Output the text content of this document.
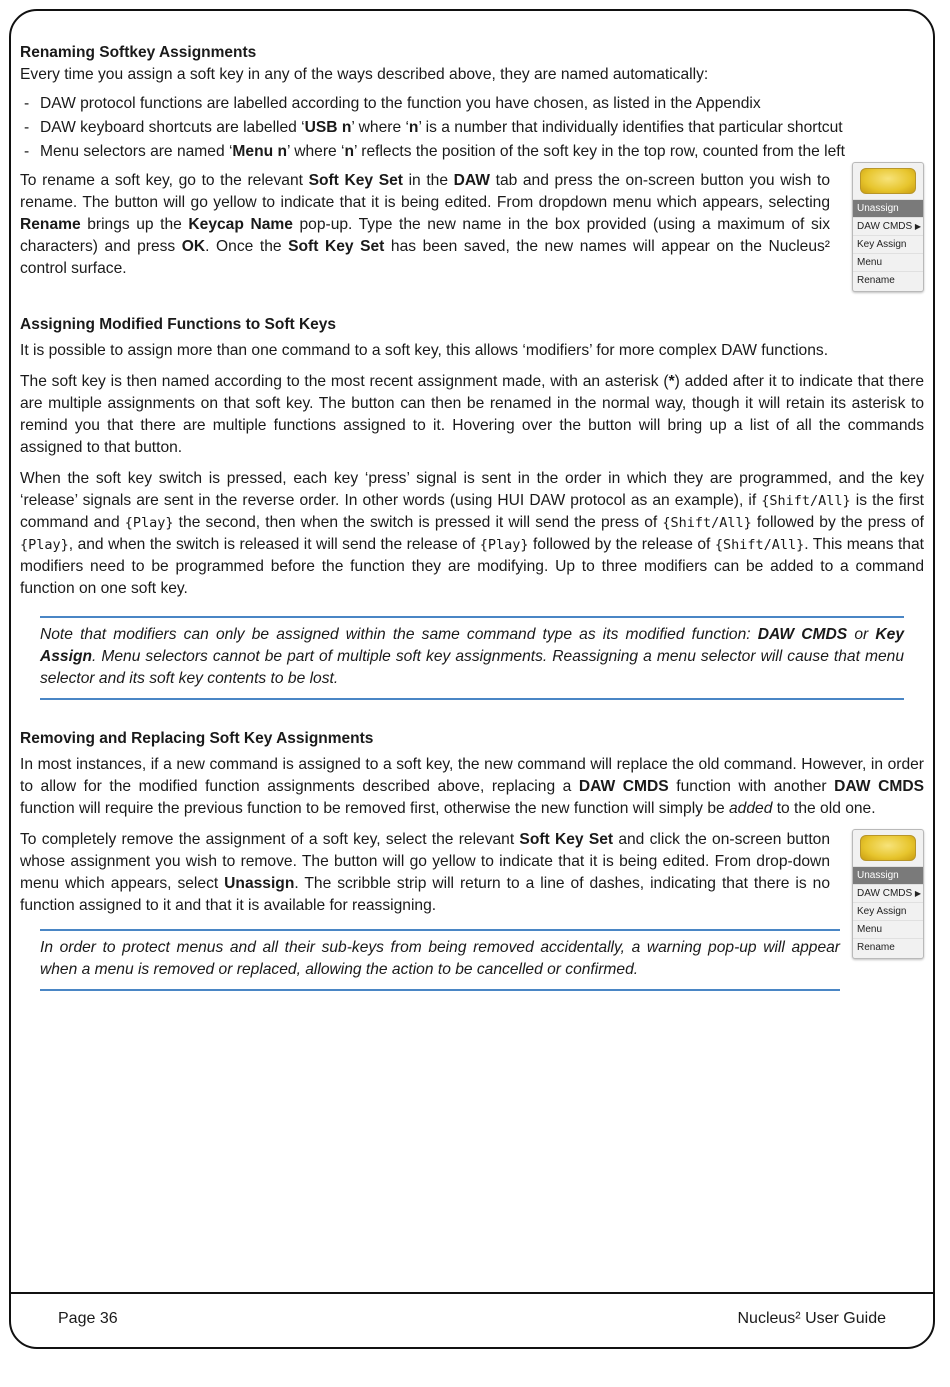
Renaming Softkey Assignments

Every time you assign a soft key in any of the ways described above, they are named automatically:

- DAW protocol functions are labelled according to the function you have chosen, as listed in the Appendix
- DAW keyboard shortcuts are labelled ‘USB n’ where ‘n’ is a number that individually identifies that particular shortcut
- Menu selectors are named ‘Menu n’ where ‘n’ reflects the position of the soft key in the top row, counted from the left

To rename a soft key, go to the relevant Soft Key Set in the DAW tab and press the on-screen button you wish to rename. The button will go yellow to indicate that it is being edited. From dropdown menu which appears, selecting Rename brings up the Keycap Name pop-up. Type the new name in the box provided (using a maximum of six characters) and press OK. Once the Soft Key Set has been saved, the new names will appear on the Nucleus² control surface.

Unassign
DAW CMDS ▶
Key Assign
Menu
Rename
Assigning Modified Functions to Soft Keys

It is possible to assign more than one command to a soft key, this allows ‘modifiers’ for more complex DAW functions.

The soft key is then named according to the most recent assignment made, with an asterisk (*) added after it to indicate that there are multiple assignments on that soft key. The button can then be renamed in the normal way, though it will retain its asterisk to remind you that there are multiple functions assigned to it. Hovering over the button will bring up a list of all the commands assigned to that button.

When the soft key switch is pressed, each key ‘press’ signal is sent in the order in which they are programmed, and the key ‘release’ signals are sent in the reverse order. In other words (using HUI DAW protocol as an example), if {Shift/All} is the first command and {Play} the second, then when the switch is pressed it will send the press of {Shift/All} followed by the press of {Play}, and when the switch is released it will send the release of {Play} followed by the release of {Shift/All}. This means that modifiers need to be programmed before the function they are modifying. Up to three modifiers can be added to a command function on one soft key.

Note that modifiers can only be assigned within the same command type as its modified function: DAW CMDS or Key Assign. Menu selectors cannot be part of multiple soft key assignments. Reassigning a menu selector will cause that menu selector and its soft key contents to be lost.
Removing and Replacing Soft Key Assignments

In most instances, if a new command is assigned to a soft key, the new command will replace the old command. However, in order to allow for the modified function assignments described above, replacing a DAW CMDS function with another DAW CMDS function will require the previous function to be removed first, otherwise the new function will simply be added to the old one.

To completely remove the assignment of a soft key, select the relevant Soft Key Set and click the on-screen button whose assignment you wish to remove. The button will go yellow to indicate that it is being edited. From drop-down menu which appears, select Unassign. The scribble strip will return to a line of dashes, indicating that there is no function assigned to it and that it is available for reassigning.

In order to protect menus and all their sub-keys from being removed accidentally, a warning pop-up will appear when a menu is removed or replaced, allowing the action to be cancelled or confirmed.
Unassign
DAW CMDS ▶
Key Assign
Menu
Rename
Page 36	Nucleus² User Guide
